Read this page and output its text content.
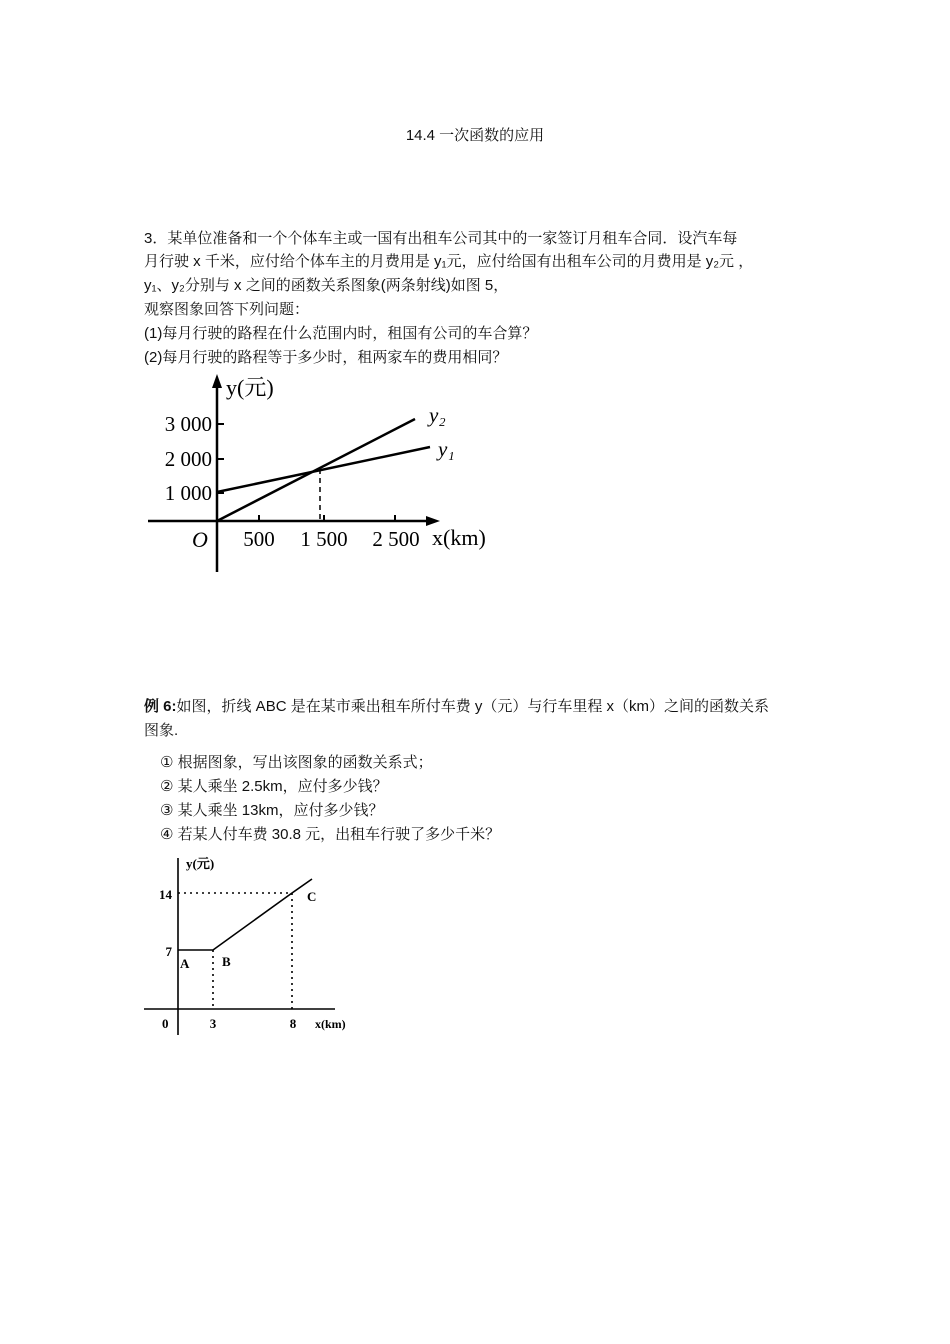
14.4 一次函数的应用
3．某单位准备和一个个体车主或一国有出租车公司其中的一家签订月租车合同．设汽车每
月行驶 x 千米，应付给个体车主的月费用是 y₁元，应付给国有出租车公司的月费用是 y₂元 ，
y₁、y₂分别与 x 之间的函数关系图象(两条射线)如图 5，
观察图象回答下列问题：
(1)每月行驶的路程在什么范围内时，租国有公司的车合算？
(2)每月行驶的路程等于多少时，租两家车的费用相同？
y(元)
x(km)
O
3 000
2 000
1 000
500 1 500 2 500
y₂
y₁
例 6:如图，折线 ABC 是在某市乘出租车所付车费 y（元）与行车里程 x（km）之间的函数关系
图象.
① 根据图象，写出该图象的函数关系式；
② 某人乘坐 2.5km，应付多少钱？
③ 某人乘坐 13km，应付多少钱？
④ 若某人付车费 30.8 元，出租车行驶了多少千米？
y(元)
x(km)
0
14
7
3	8
A	B
C
